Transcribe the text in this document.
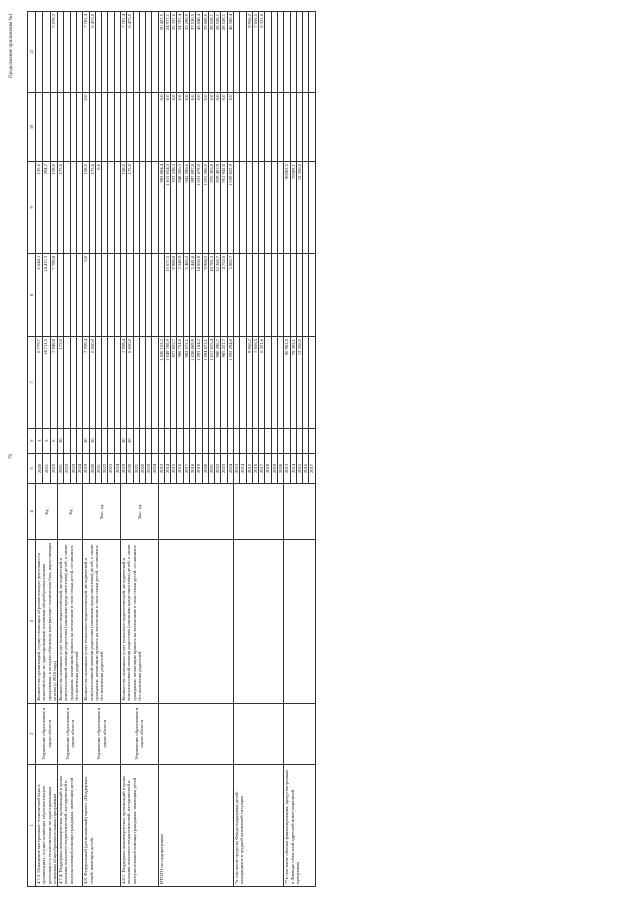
79
Продолжение приложения №1
1	2	3	4	5	6	7	8	9	10	11
4.7.3. Оснащение материально-технической базы в организациях, осуществляющих образовательную деятельность исключительно по адаптированным основным общеобразовательным программам	Управление образования и науки области	Количество организаций, осуществляющих образовательную деятельность исключительно по адаптированным основным общеобразовательным программам, в которых обновлена материально-техническая база, нарастающим итогом (с 2018 года)	Ед.	2020	3	6 779,7	6 644,1	135,6		
				2021	5	14 711,5	14 417,3	294,2		
				2022	6	7 949,8	7 790,8	159,0		5 978,2
4.7.4. Поддержка некоммерческих организаций в целях оказания психолого-педагогической, методической и консультативной помощи гражданам, имеющим детей	Управление образования и науки области	Количество оказанных услуг психолого-педагогической, методической и консультативной помощи родителям (законным представителям) детей, а также гражданам, желающим принять на воспитание в свои семьи детей, оставшихся без попечения родителей	Ед.	2021	20	175,0		175,0		
				2022						
				2023						
				2024						
4.8. Федеральный (региональный) проект «Поддержка семей, имеющих детей»	Управление образования и науки области	Количество оказанных услуг психолого-педагогической, методической и консультативной помощи родителям (законным представителям) детей, а также гражданам, желающим принять на воспитание в свои семьи детей, оставшихся без попечения родителей	Тыс. ед.	2019	20	7 939,4	0,0	158,0	0,0	7 781,4
				2020	20	6 650,0		175,0		6 475,0
				2021				0,0		
				2022						
				2023						
				2024						
4.8.1. Поддержка некоммерческих организаций в целях оказания психолого-педагогической, методической и консультативной помощи гражданам, имеющим детей	Управление образования и науки области	Количество оказанных услуг психолого-педагогической, методической и консультативной помощи родителям (законным представителям) детей, а также гражданам, желающим принять на воспитание в свои семьи детей, оставшихся без попечения родителей	Тыс. ед.	2019	20	7 939,4		158,0		7 781,4
				2020	20	6 650,0		175,0		6 475,0
				2021						
				2022						
				2023						
				2024						
ИТОГО по подпрограмме				2013		1 020 153,2		983 884,4	0,0	20 427,5
				2014		1 049 708,9	13 677,5	1 011 054,3	0,0	24 977,1
				2015		977 855,7	9 989,8	932 528,3	0,0	35 337,6
				2016		986 754,6	3 540,9	948 506,3	0,0	34 707,4
				2017		982 072,1	5 485,5	941 296,6	0,0	35 290,0
				2018		1 038 869,9	3 441,6	997 897,8	0,0	37 530,5
				2019		1 093 184,2	14 656,8	1 031 679,0	0,0	46 848,4
				2020		1 094 873,1	9 968,5	1 055 296,0	0,0	29 608,6
				2021		1 017 615,4	18 781,5	970 305,8	0,0	28 528,1
				2022		980 296,7	12 360,7	939 407,9	0,0	28 528,1
				2023		985 221,7	4 752,6	951 941,0	0,0	28 528,1
				2024		1 092 294,0	5 882,7	1 039 822,9	0,0	46 588,4
*в том числе средства Фонда поддержки детей, находящихся в трудной жизненной ситуации				2013						
				2014						
				2015		9 956,2				9 956,2
				2016		7 656,5				7 656,5
				2017		6 321,6				6 321,6
				2018						
				2019						
				2020						
**в том числе объемы финансирования, предусмотренные в Ликвиде областной адресной инвестиционной программы				2013		96 902,5		96902,5		
				2014		79 393,1		79393,1		
				2015		12 356,6		12 356,6		
				2016						
				2017						
